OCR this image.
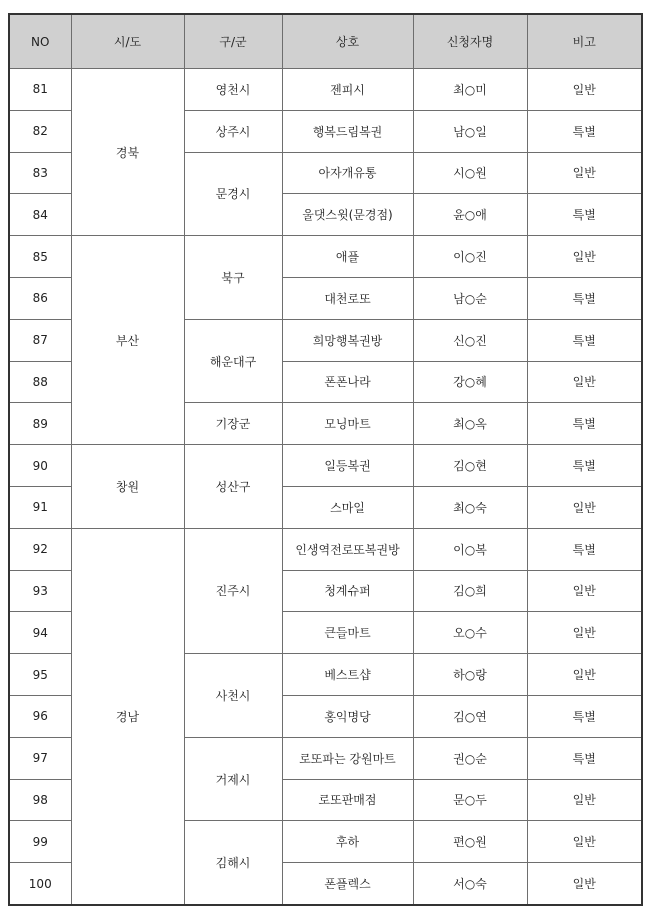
NO	시/도	구/군	상호	신청자명	비고
81	경북	영천시	젠피시	최○미	일반
82		상주시	행복드림복권	남○일	특별
83		문경시	아자개유통	시○원	일반
84			울댓스윗(문경점)	윤○애	특별
85	부산	북구	애플	이○진	일반
86			대천로또	남○순	특별
87		해운대구	희망행복권방	신○진	특별
88			폰폰나라	강○혜	일반
89		기장군	모닝마트	최○옥	특별
90	창원	성산구	일등복권	김○현	특별
91			스마일	최○숙	일반
92	경남	진주시	인생역전로또복권방	이○복	특별
93			청계슈퍼	김○희	일반
94			큰들마트	오○수	일반
95		사천시	베스트샵	하○랑	일반
96			홍익명당	김○연	특별
97		거제시	로또파는 강원마트	권○순	특별
98			로또판매점	문○두	일반
99		김해시	후하	편○원	일반
100			폰플렉스	서○숙	일반
